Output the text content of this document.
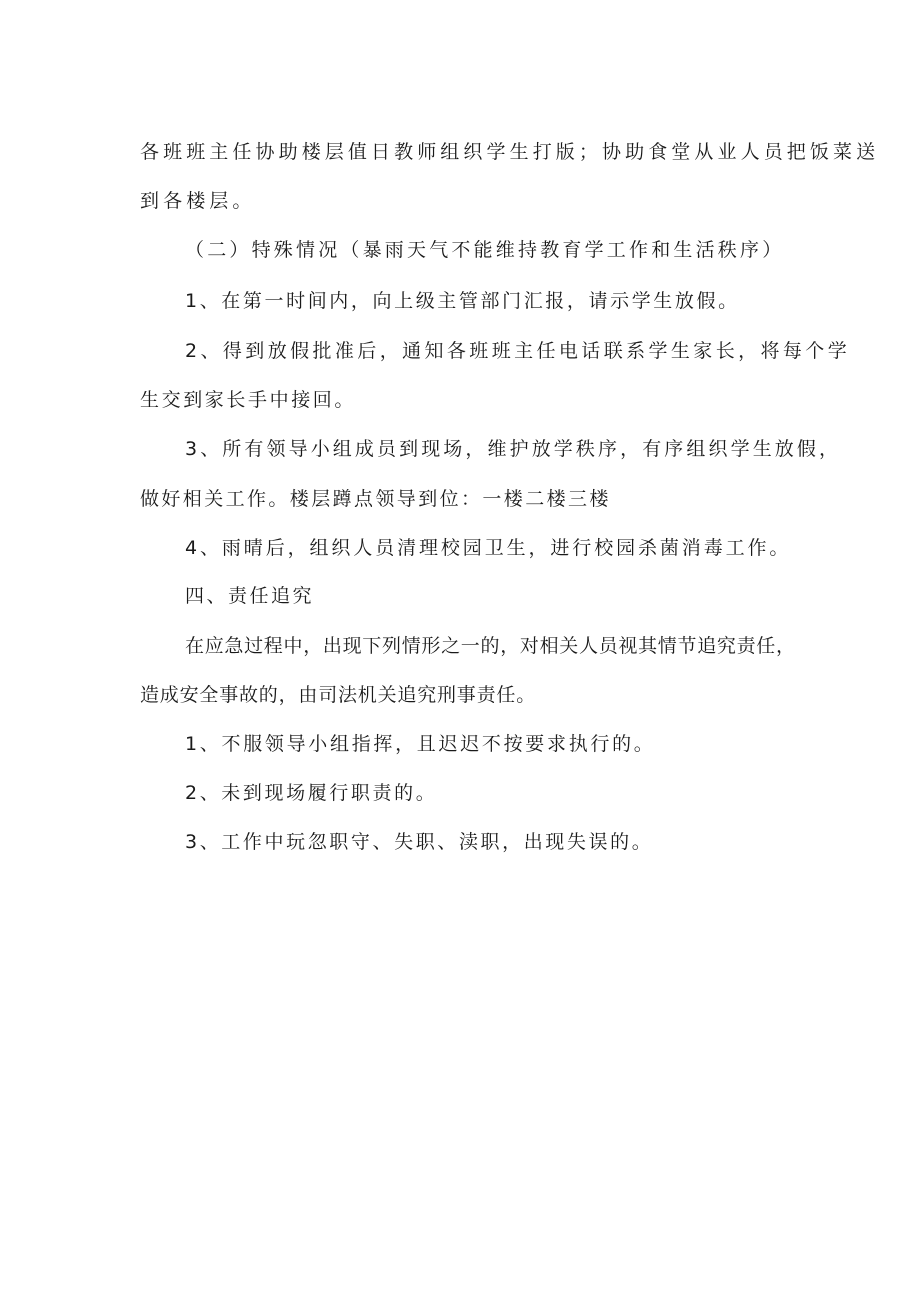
各班班主任协助楼层值日教师组织学生打版；协助食堂从业人员把饭菜送
到各楼层。
（二）特殊情况（暴雨天气不能维持教育学工作和生活秩序）
1、在第一时间内，向上级主管部门汇报，请示学生放假。
2、得到放假批准后，通知各班班主任电话联系学生家长，将每个学
生交到家长手中接回。
3、所有领导小组成员到现场，维护放学秩序，有序组织学生放假，
做好相关工作。楼层蹲点领导到位：一楼二楼三楼
4、雨晴后，组织人员清理校园卫生，进行校园杀菌消毒工作。
四、责任追究
在应急过程中，出现下列情形之一的，对相关人员视其情节追究责任，
造成安全事故的，由司法机关追究刑事责任。
1、不服领导小组指挥，且迟迟不按要求执行的。
2、未到现场履行职责的。
3、工作中玩忽职守、失职、渎职，出现失误的。
